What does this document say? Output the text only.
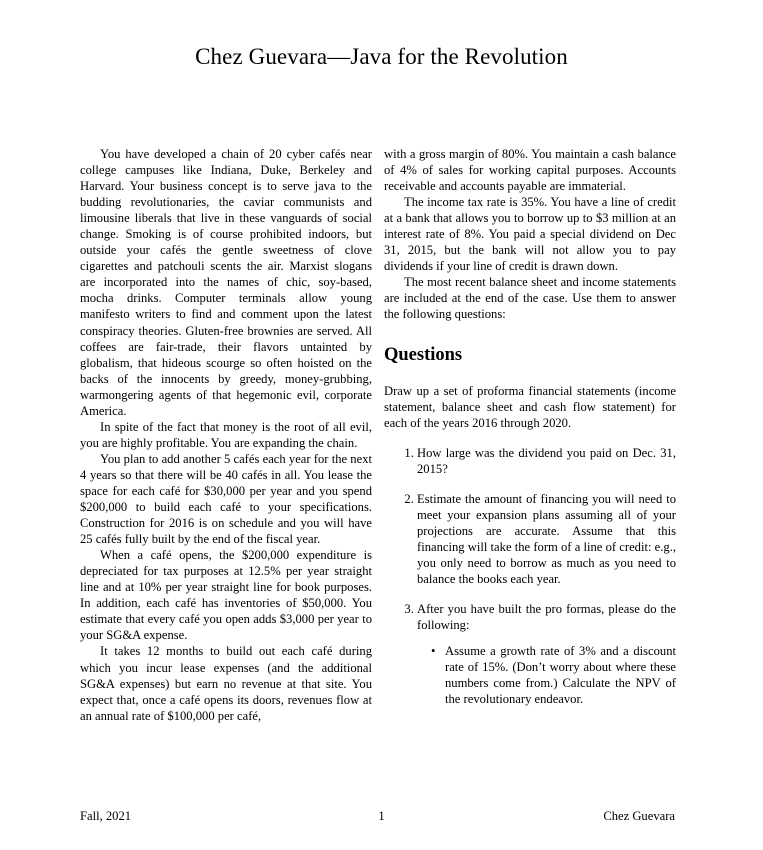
Chez Guevara—Java for the Revolution

You have developed a chain of 20 cyber cafés near college campuses like Indiana, Duke, Berkeley and Harvard. Your business concept is to serve java to the budding revolutionaries, the caviar communists and limousine liberals that live in these vanguards of social change. Smoking is of course prohibited indoors, but outside your cafés the gentle sweetness of clove cigarettes and patchouli scents the air. Marxist slogans are incorporated into the names of chic, soy-based, mocha drinks. Computer terminals allow young manifesto writers to find and comment upon the latest conspiracy theories. Gluten-free brownies are served. All coffees are fair-trade, their flavors untainted by globalism, that hideous scourge so often hoisted on the backs of the innocents by greedy, money-grubbing, warmongering agents of that hegemonic evil, corporate America.

In spite of the fact that money is the root of all evil, you are highly profitable. You are expanding the chain.

You plan to add another 5 cafés each year for the next 4 years so that there will be 40 cafés in all. You lease the space for each café for $30,000 per year and you spend $200,000 to build each café to your specifications. Construction for 2016 is on schedule and you will have 25 cafés fully built by the end of the fiscal year.

When a café opens, the $200,000 expenditure is depreciated for tax purposes at 12.5% per year straight line and at 10% per year straight line for book purposes. In addition, each café has inventories of $50,000. You estimate that every café you open adds $3,000 per year to your SG&A expense.

It takes 12 months to build out each café during which you incur lease expenses (and the additional SG&A expenses) but earn no revenue at that site. You expect that, once a café opens its doors, revenues flow at an annual rate of $100,000 per café,

with a gross margin of 80%. You maintain a cash balance of 4% of sales for working capital purposes. Accounts receivable and accounts payable are immaterial.

The income tax rate is 35%. You have a line of credit at a bank that allows you to borrow up to $3 million at an interest rate of 8%. You paid a special dividend on Dec 31, 2015, but the bank will not allow you to pay dividends if your line of credit is drawn down.

The most recent balance sheet and income statements are included at the end of the case. Use them to answer the following questions:

Questions

Draw up a set of proforma financial statements (income statement, balance sheet and cash flow statement) for each of the years 2016 through 2020.

1. How large was the dividend you paid on Dec. 31, 2015?
2. Estimate the amount of financing you will need to meet your expansion plans assuming all of your projections are accurate. Assume that this financing will take the form of a line of credit: e.g., you only need to borrow as much as you need to balance the books each year.
3. After you have built the pro formas, please do the following:
• Assume a growth rate of 3% and a discount rate of 15%. (Don’t worry about where these numbers come from.) Calculate the NPV of the revolutionary endeavor.
Fall, 2021	1	Chez Guevara
